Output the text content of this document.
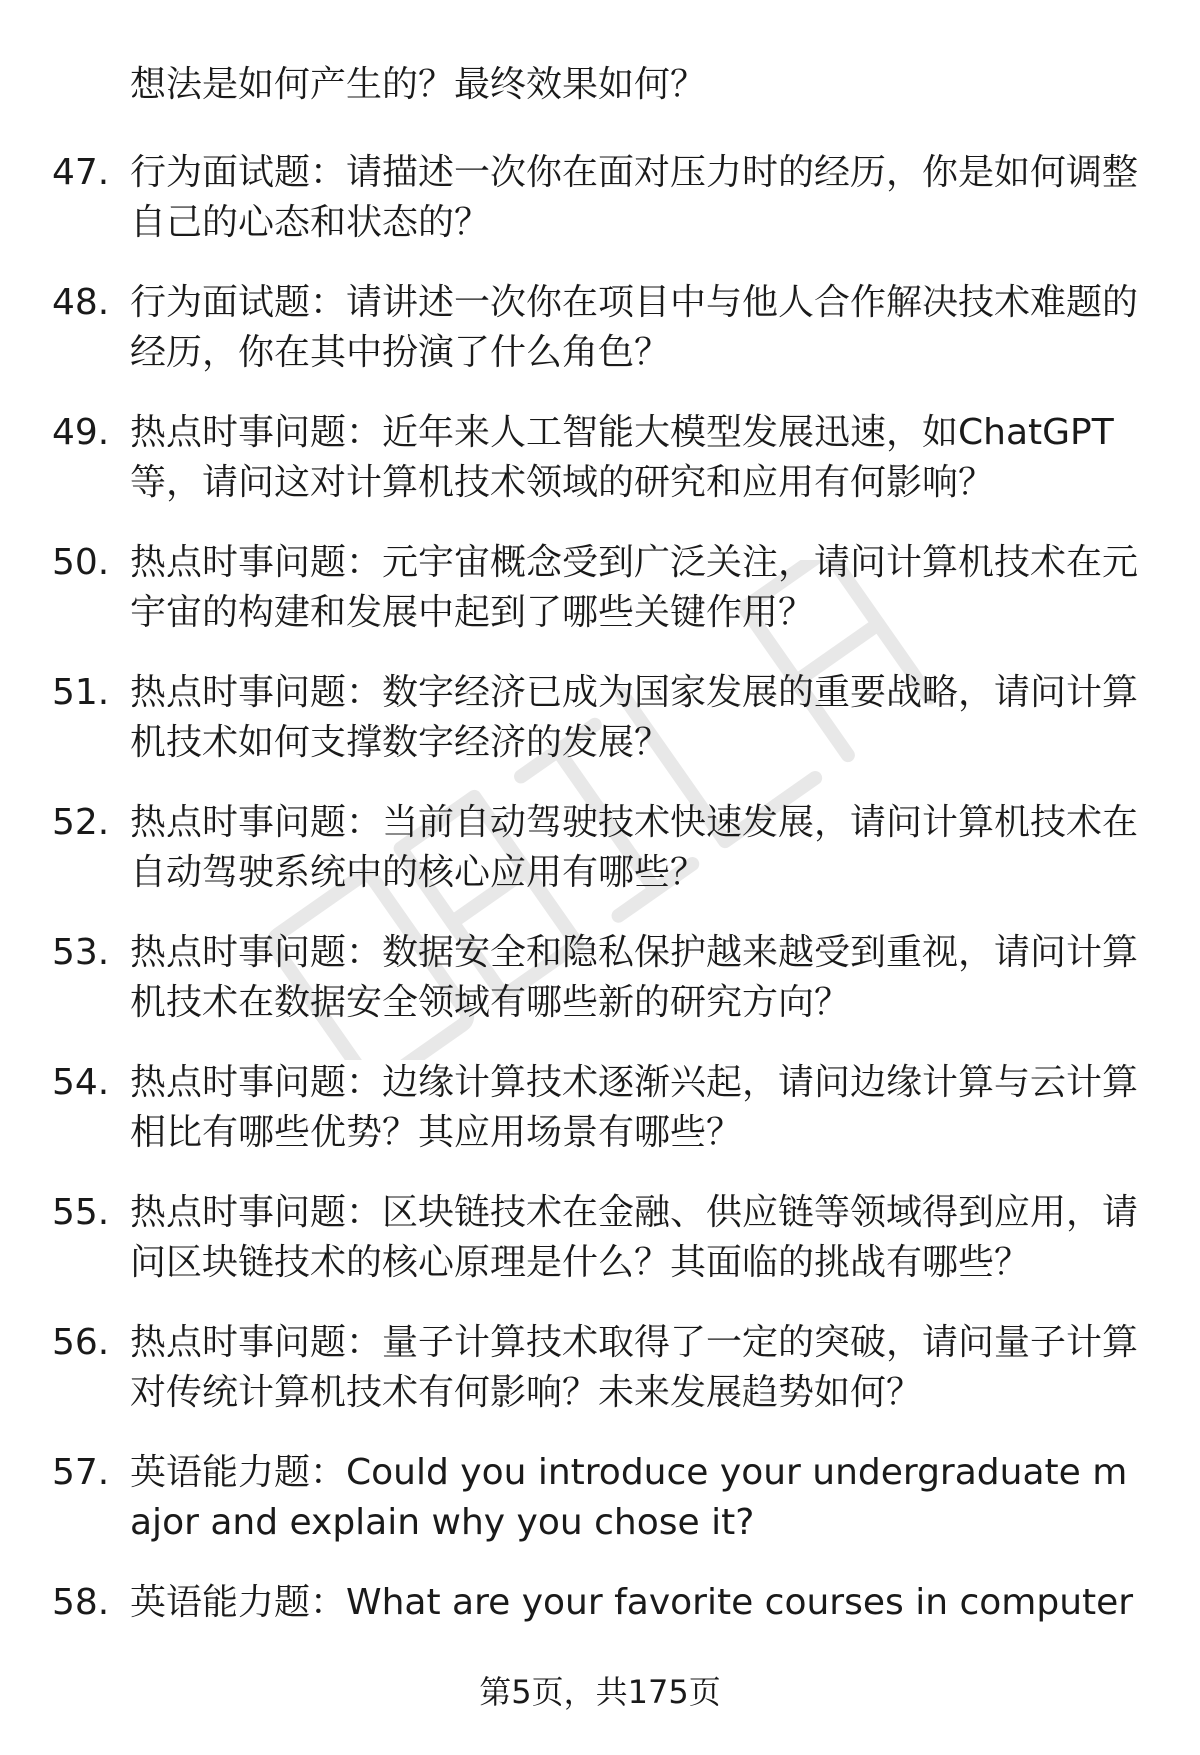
想法是如何产生的？最终效果如何？
47. 行为面试题：请描述一次你在面对压力时的经历，你是如何调整自己的心态和状态的？
48. 行为面试题：请讲述一次你在项目中与他人合作解决技术难题的经历，你在其中扮演了什么角色？
49. 热点时事问题：近年来人工智能大模型发展迅速，如ChatGPT等，请问这对计算机技术领域的研究和应用有何影响？
50. 热点时事问题：元宇宙概念受到广泛关注，请问计算机技术在元宇宙的构建和发展中起到了哪些关键作用？
51. 热点时事问题：数字经济已成为国家发展的重要战略，请问计算机技术如何支撑数字经济的发展？
52. 热点时事问题：当前自动驾驶技术快速发展，请问计算机技术在自动驾驶系统中的核心应用有哪些？
53. 热点时事问题：数据安全和隐私保护越来越受到重视，请问计算机技术在数据安全领域有哪些新的研究方向？
54. 热点时事问题：边缘计算技术逐渐兴起，请问边缘计算与云计算相比有哪些优势？其应用场景有哪些？
55. 热点时事问题：区块链技术在金融、供应链等领域得到应用，请问区块链技术的核心原理是什么？其面临的挑战有哪些？
56. 热点时事问题：量子计算技术取得了一定的突破，请问量子计算对传统计算机技术有何影响？未来发展趋势如何？
57. 英语能力题：Could you introduce your undergraduate major and explain why you chose it?
58. 英语能力题：What are your favorite courses in computer
第5页，共175页
